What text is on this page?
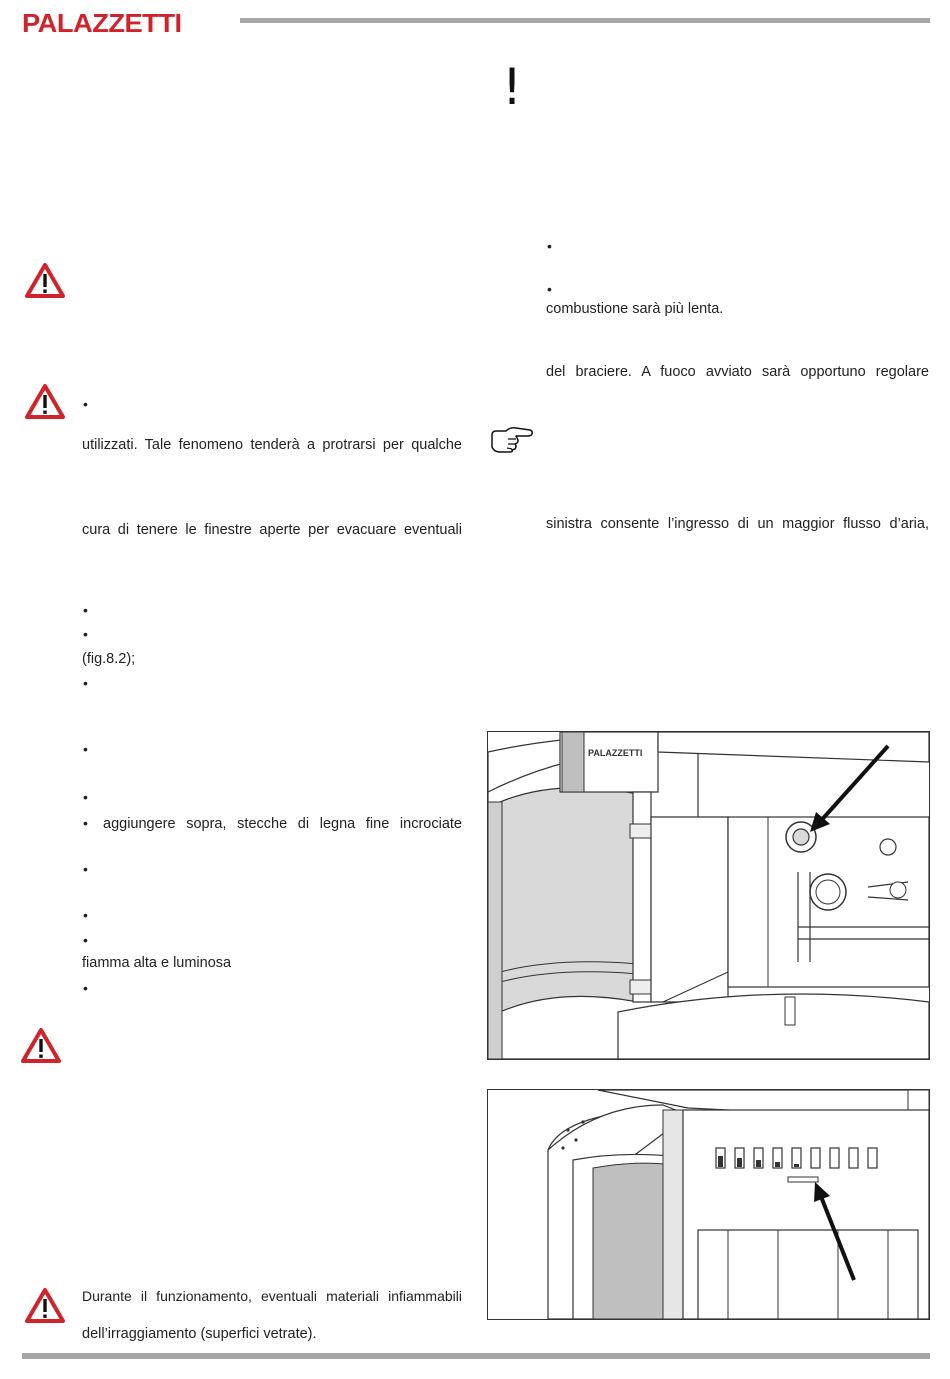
PALAZZETTI
•
•
•
•
•
•
•
•
•
•
•
utilizzati. Tale fenomeno tenderà a protrarsi per qualche
cura di tenere le finestre aperte per evacuare eventuali
(fig.8.2);
aggiungere sopra, stecche di legna fine incrociate
fiamma alta e luminosa
Durante il funzionamento, eventuali materiali infiammabili
dell’irraggiamento (superfici vetrate).
!
•
•
combustione sarà più lenta.
del braciere. A fuoco avviato sarà opportuno regolare
sinistra consente l’ingresso di un maggior flusso d’aria,
PALAZZETTI
